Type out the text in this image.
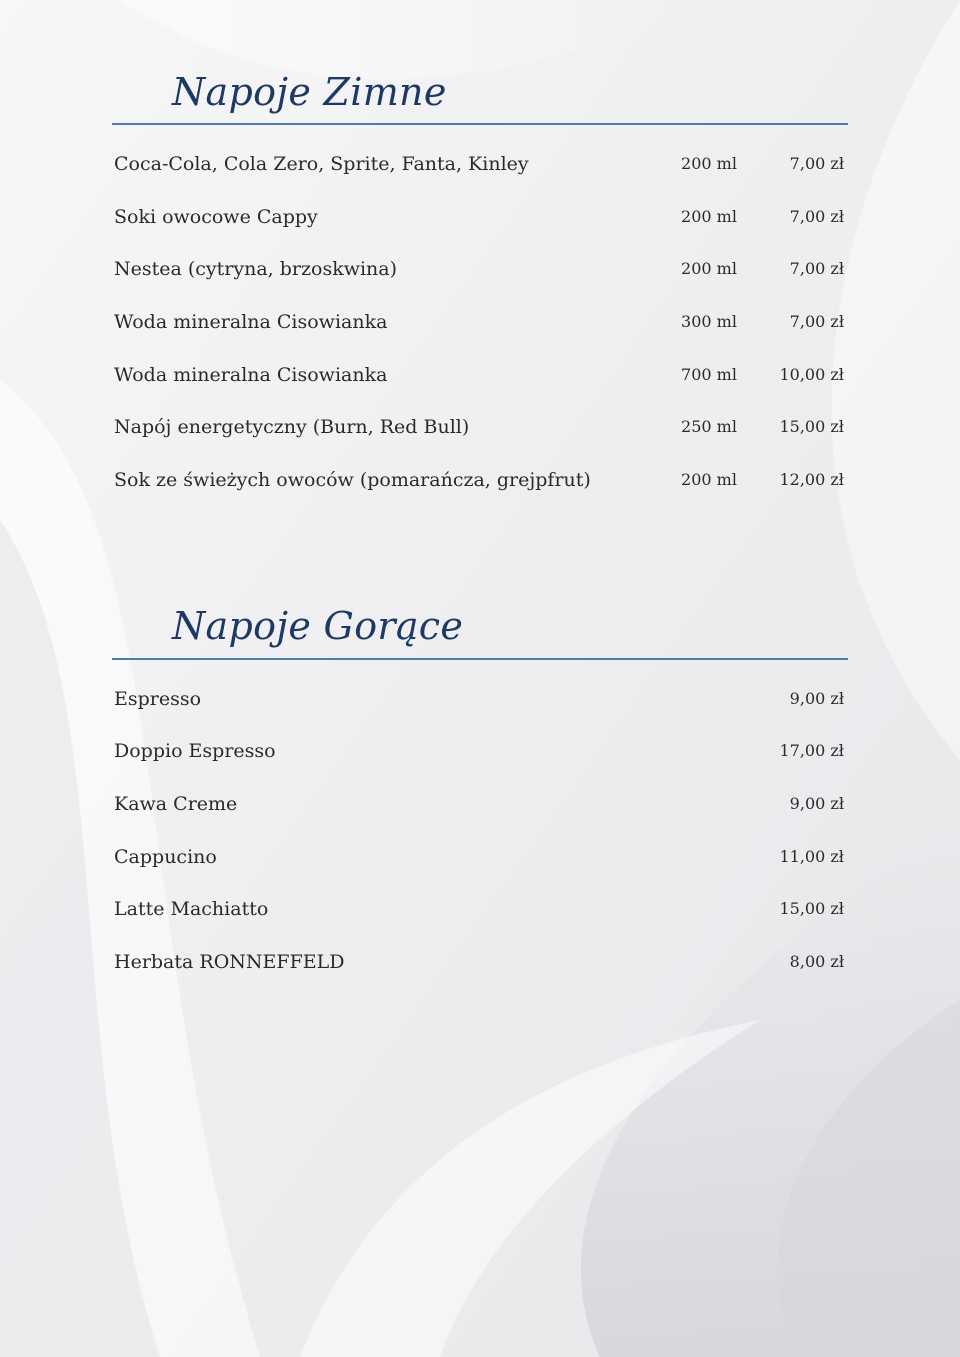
Napoje Zimne
Coca-Cola, Cola Zero, Sprite, Fanta, Kinley	200 ml	7,00 zł
Soki owocowe Cappy	200 ml	7,00 zł
Nestea (cytryna, brzoskwina)	200 ml	7,00 zł
Woda mineralna Cisowianka	300 ml	7,00 zł
Woda mineralna Cisowianka	700 ml	10,00 zł
Napój energetyczny (Burn, Red Bull)	250 ml	15,00 zł
Sok ze świeżych owoców (pomarańcza, grejpfrut)	200 ml	12,00 zł
Napoje Gorące
Espresso	9,00 zł
Doppio Espresso	17,00 zł
Kawa Creme	9,00 zł
Cappucino	11,00 zł
Latte Machiatto	15,00 zł
Herbata RONNEFFELD	8,00 zł
